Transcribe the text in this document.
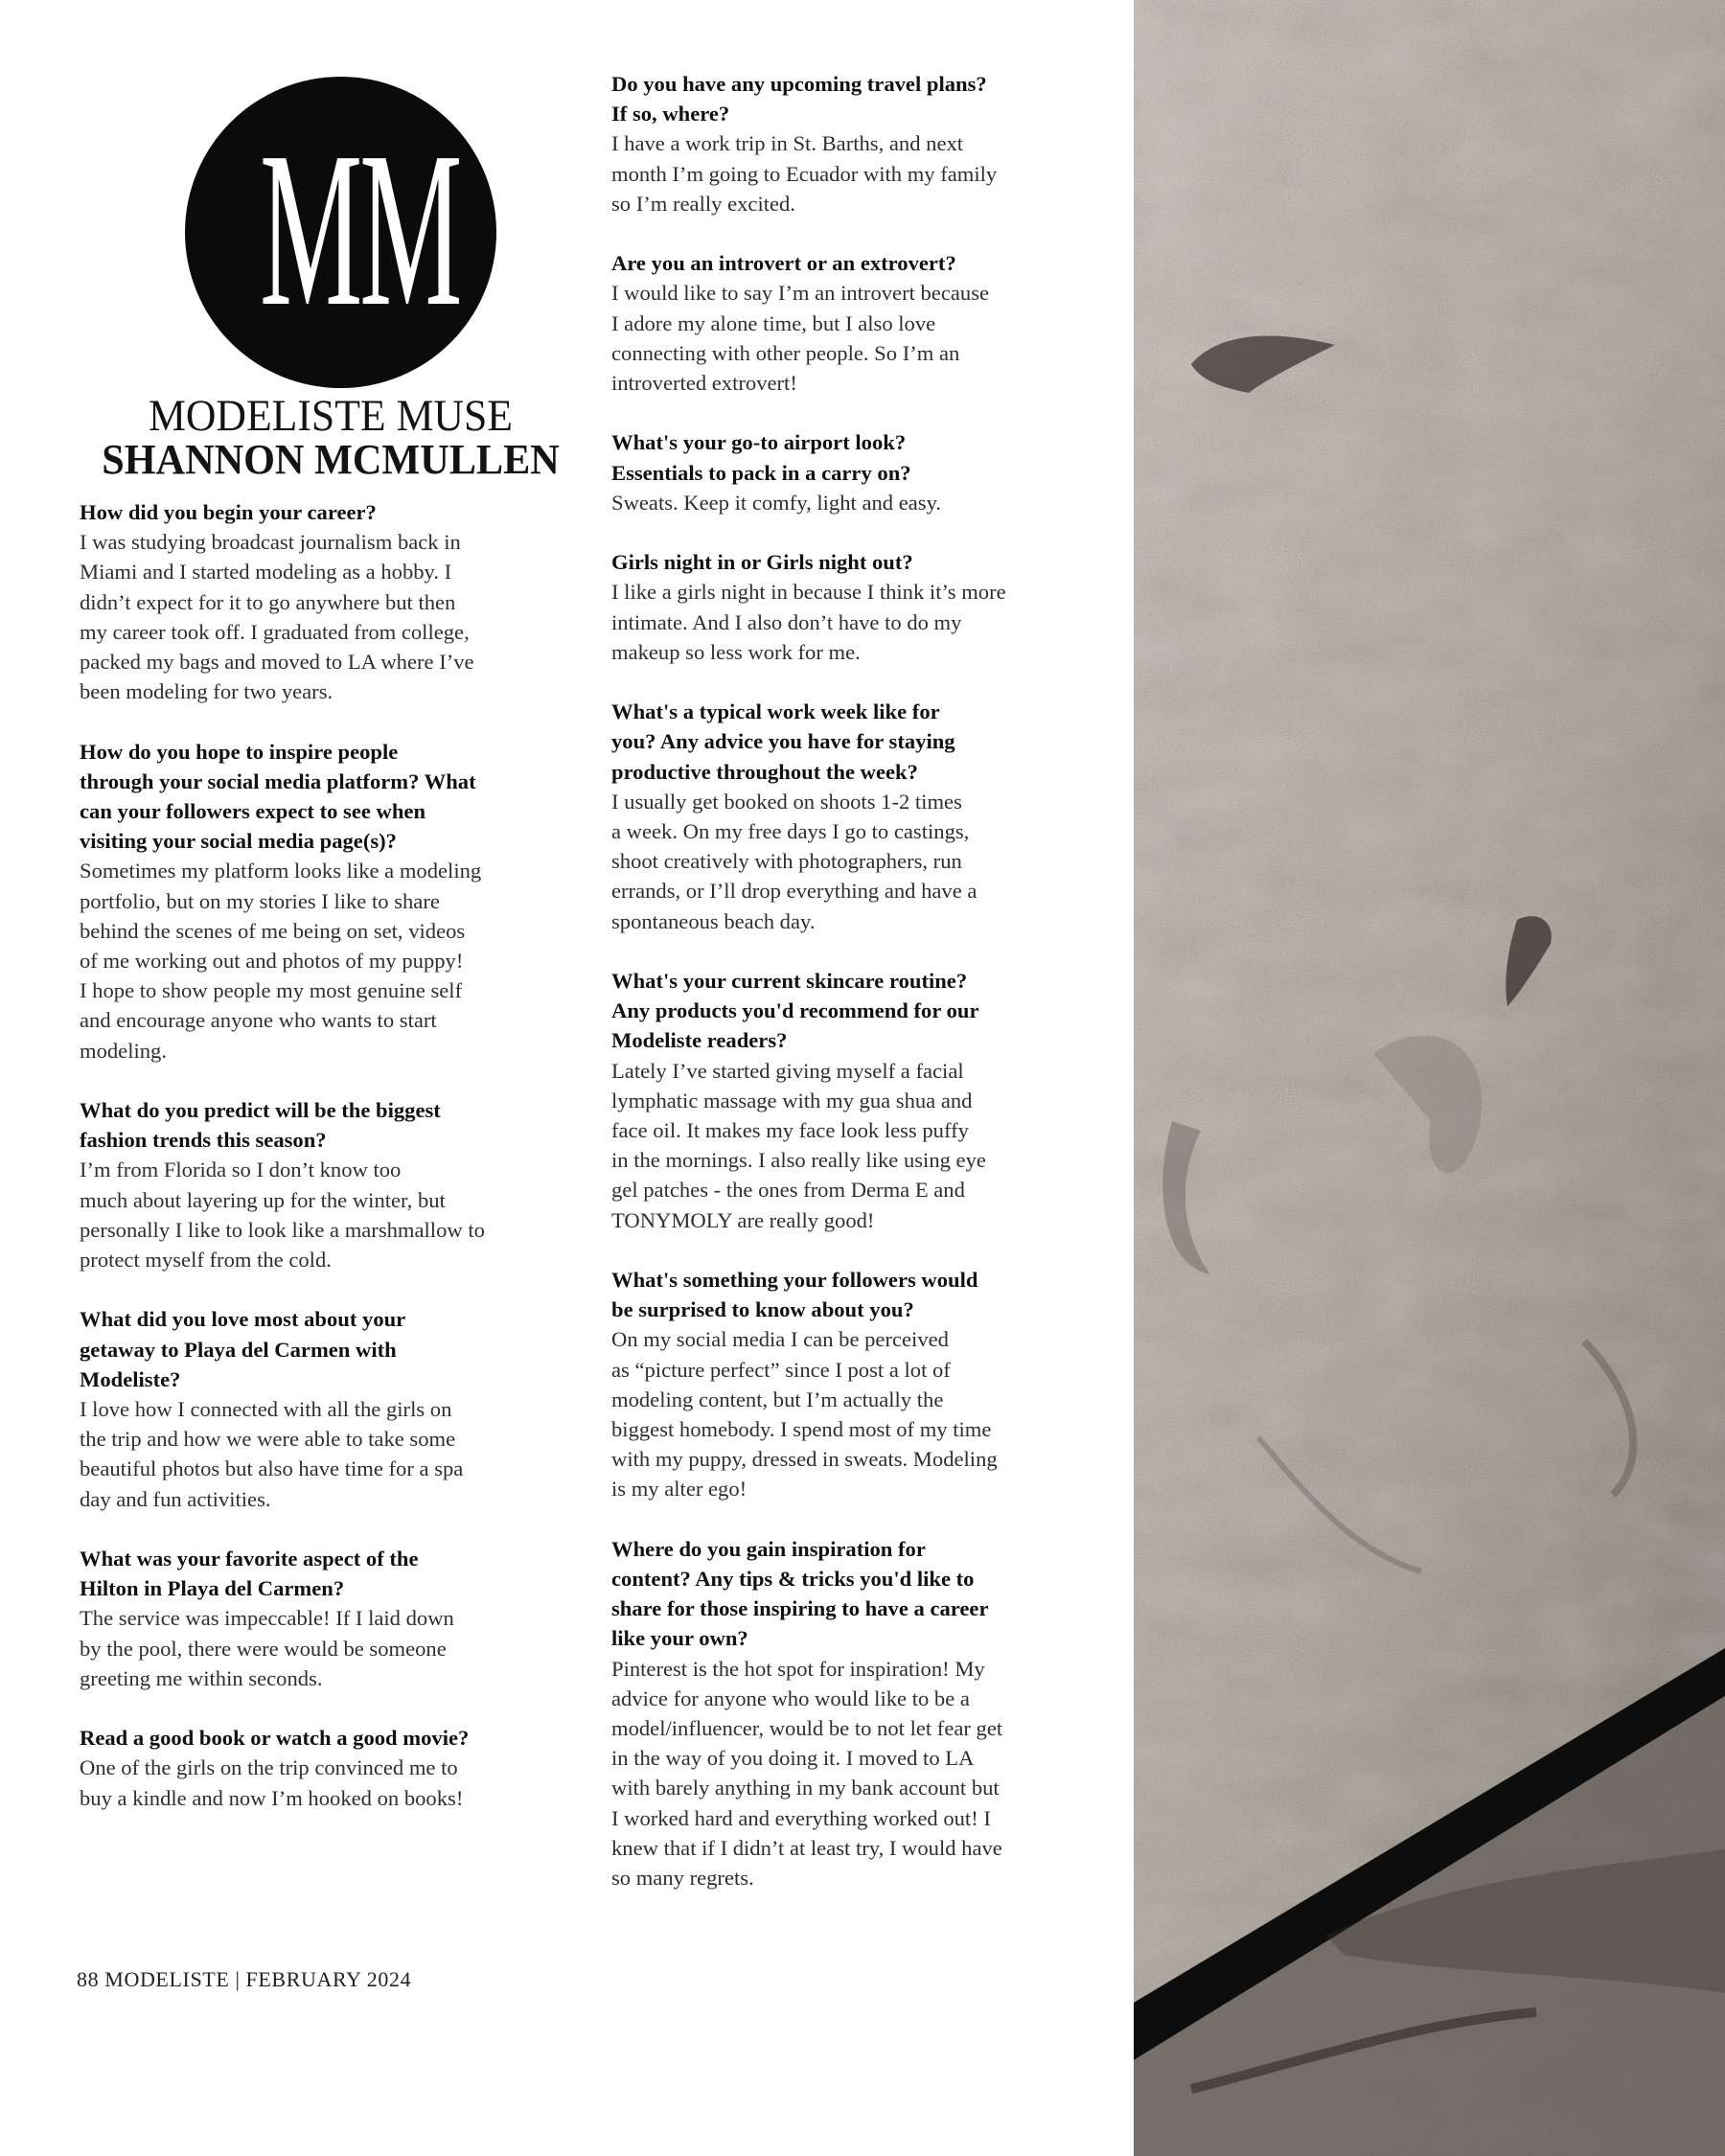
MM
MODELISTE MUSE
SHANNON MCMULLEN
How did you begin your career?
I was studying broadcast journalism back in
Miami and I started modeling as a hobby. I
didn’t expect for it to go anywhere but then
my career took off. I graduated from college,
packed my bags and moved to LA where I’ve
been modeling for two years.
How do you hope to inspire people
through your social media platform? What
can your followers expect to see when
visiting your social media page(s)?
Sometimes my platform looks like a modeling
portfolio, but on my stories I like to share
behind the scenes of me being on set, videos
of me working out and photos of my puppy!
I hope to show people my most genuine self
and encourage anyone who wants to start
modeling.
What do you predict will be the biggest
fashion trends this season?
I’m from Florida so I don’t know too
much about layering up for the winter, but
personally I like to look like a marshmallow to
protect myself from the cold.
What did you love most about your
getaway to Playa del Carmen with
Modeliste?
I love how I connected with all the girls on
the trip and how we were able to take some
beautiful photos but also have time for a spa
day and fun activities.
What was your favorite aspect of the
Hilton in Playa del Carmen?
The service was impeccable! If I laid down
by the pool, there were would be someone
greeting me within seconds.
Read a good book or watch a good movie?
One of the girls on the trip convinced me to
buy a kindle and now I’m hooked on books!
Do you have any upcoming travel plans?
If so, where?
I have a work trip in St. Barths, and next
month I’m going to Ecuador with my family
so I’m really excited.
Are you an introvert or an extrovert?
I would like to say I’m an introvert because
I adore my alone time, but I also love
connecting with other people. So I’m an
introverted extrovert!
What's your go-to airport look?
Essentials to pack in a carry on?
Sweats. Keep it comfy, light and easy.
Girls night in or Girls night out?
I like a girls night in because I think it’s more
intimate. And I also don’t have to do my
makeup so less work for me.
What's a typical work week like for
you? Any advice you have for staying
productive throughout the week?
I usually get booked on shoots 1-2 times
a week. On my free days I go to castings,
shoot creatively with photographers, run
errands, or I’ll drop everything and have a
spontaneous beach day.
What's your current skincare routine?
Any products you'd recommend for our
Modeliste readers?
Lately I’ve started giving myself a facial
lymphatic massage with my gua shua and
face oil. It makes my face look less puffy
in the mornings. I also really like using eye
gel patches - the ones from Derma E and
TONYMOLY are really good!
What's something your followers would
be surprised to know about you?
On my social media I can be perceived
as “picture perfect” since I post a lot of
modeling content, but I’m actually the
biggest homebody. I spend most of my time
with my puppy, dressed in sweats. Modeling
is my alter ego!
Where do you gain inspiration for
content? Any tips & tricks you'd like to
share for those inspiring to have a career
like your own?
Pinterest is the hot spot for inspiration! My
advice for anyone who would like to be a
model/influencer, would be to not let fear get
in the way of you doing it. I moved to LA
with barely anything in my bank account but
I worked hard and everything worked out! I
knew that if I didn’t at least try, I would have
so many regrets.
88 MODELISTE | FEBRUARY 2024
